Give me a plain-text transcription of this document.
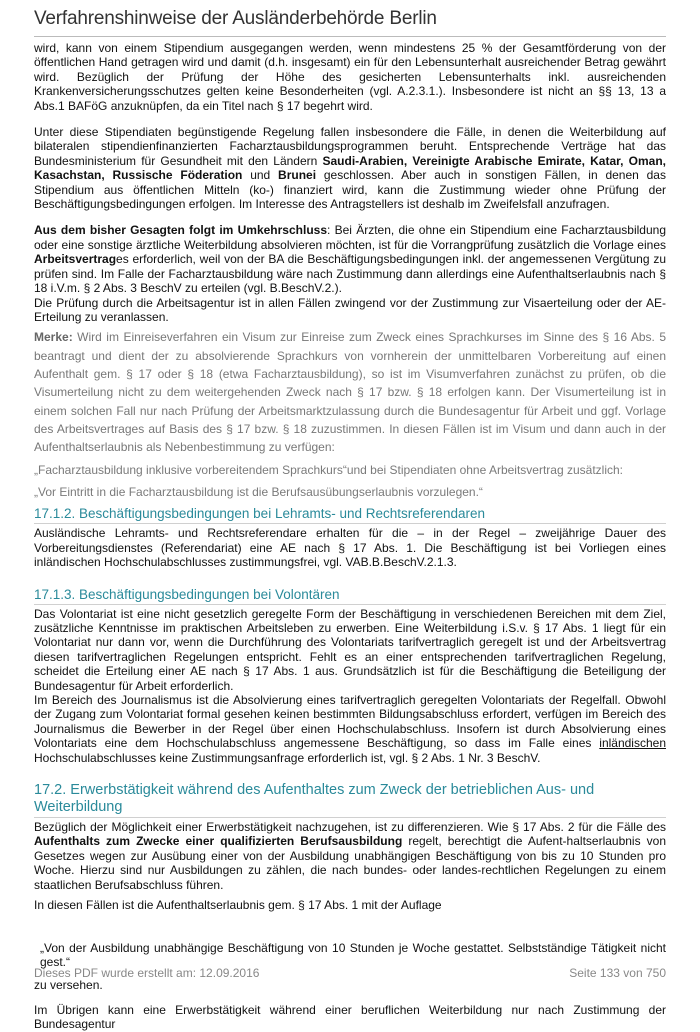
Verfahrenshinweise der Ausländerbehörde Berlin

wird, kann von einem Stipendium ausgegangen werden, wenn mindestens 25 % der Gesamtförderung von der öffentlichen Hand getragen wird und damit (d.h. insgesamt) ein für den Lebensunterhalt ausreichender Betrag gewährt wird. Bezüglich der Prüfung der Höhe des gesicherten Lebensunterhalts inkl. ausreichenden Krankenversicherungsschutzes gelten keine Besonderheiten (vgl. A.2.3.1.). Insbesondere ist nicht an §§ 13, 13 a Abs.1 BAFöG anzuknüpfen, da ein Titel nach § 17 begehrt wird.

Unter diese Stipendiaten begünstigende Regelung fallen insbesondere die Fälle, in denen die Weiterbildung auf bilateralen stipendienfinanzierten Facharztausbildungsprogrammen beruht. Entsprechende Verträge hat das Bundesministerium für Gesundheit mit den Ländern Saudi-Arabien, Vereinigte Arabische Emirate, Katar, Oman, Kasachstan, Russische Föderation und Brunei geschlossen. Aber auch in sonstigen Fällen, in denen das Stipendium aus öffentlichen Mitteln (ko-) finanziert wird, kann die Zustimmung wieder ohne Prüfung der Beschäftigungsbedingungen erfolgen. Im Interesse des Antragstellers ist deshalb im Zweifelsfall anzufragen.

Aus dem bisher Gesagten folgt im Umkehrschluss: Bei Ärzten, die ohne ein Stipendium eine Facharztausbildung oder eine sonstige ärztliche Weiterbildung absolvieren möchten, ist für die Vorrangprüfung zusätzlich die Vorlage eines Arbeitsvertrages erforderlich, weil von der BA die Beschäftigungsbedingungen inkl. der angemessenen Vergütung zu prüfen sind. Im Falle der Facharztausbildung wäre nach Zustimmung dann allerdings eine Aufenthaltserlaubnis nach § 18 i.V.m. § 2 Abs. 3 BeschV zu erteilen (vgl. B.BeschV.2.).

Die Prüfung durch die Arbeitsagentur ist in allen Fällen zwingend vor der Zustimmung zur Visaerteilung oder der AE-Erteilung zu veranlassen.

Merke: Wird im Einreiseverfahren ein Visum zur Einreise zum Zweck eines Sprachkurses im Sinne des § 16 Abs. 5 beantragt und dient der zu absolvierende Sprachkurs von vornherein der unmittelbaren Vorbereitung auf einen Aufenthalt gem. § 17 oder § 18 (etwa Facharztausbildung), so ist im Visumverfahren zunächst zu prüfen, ob die Visumerteilung nicht zu dem weitergehenden Zweck nach § 17 bzw. § 18 erfolgen kann. Der Visumerteilung ist in einem solchen Fall nur nach Prüfung der Arbeitsmarktzulassung durch die Bundesagentur für Arbeit und ggf. Vorlage des Arbeitsvertrages auf Basis des § 17 bzw. § 18 zuzustimmen. In diesen Fällen ist im Visum und dann auch in der Aufenthaltserlaubnis als Nebenbestimmung zu verfügen:

„Facharztausbildung inklusive vorbereitendem Sprachkurs“und bei Stipendiaten ohne Arbeitsvertrag zusätzlich:

„Vor Eintritt in die Facharztausbildung ist die Berufsausübungserlaubnis vorzulegen.“

17.1.2. Beschäftigungsbedingungen bei Lehramts- und Rechtsreferendaren

Ausländische Lehramts- und Rechtsreferendare erhalten für die – in der Regel – zweijährige Dauer des Vorbereitungsdienstes (Referendariat) eine AE nach § 17 Abs. 1. Die Beschäftigung ist bei Vorliegen eines inländischen Hochschulabschlusses zustimmungsfrei, vgl. VAB.B.BeschV.2.1.3.

17.1.3. Beschäftigungsbedingungen bei Volontären

Das Volontariat ist eine nicht gesetzlich geregelte Form der Beschäftigung in verschiedenen Bereichen mit dem Ziel, zusätzliche Kenntnisse im praktischen Arbeitsleben zu erwerben. Eine Weiterbildung i.S.v. § 17 Abs. 1 liegt für ein Volontariat nur dann vor, wenn die Durchführung des Volontariats tarifvertraglich geregelt ist und der Arbeitsvertrag diesen tarifvertraglichen Regelungen entspricht. Fehlt es an einer entsprechenden tarifvertraglichen Regelung, scheidet die Erteilung einer AE nach § 17 Abs. 1 aus. Grundsätzlich ist für die Beschäftigung die Beteiligung der Bundesagentur für Arbeit erforderlich.

Im Bereich des Journalismus ist die Absolvierung eines tarifvertraglich geregelten Volontariats der Regelfall. Obwohl der Zugang zum Volontariat formal gesehen keinen bestimmten Bildungsabschluss erfordert, verfügen im Bereich des Journalismus die Bewerber in der Regel über einen Hochschulabschluss. Insofern ist durch Absolvierung eines Volontariats eine dem Hochschulabschluss angemessene Beschäftigung, so dass im Falle eines inländischen Hochschulabschlusses keine Zustimmungsanfrage erforderlich ist, vgl. § 2 Abs. 1 Nr. 3 BeschV.

17.2. Erwerbstätigkeit während des Aufenthaltes zum Zweck der betrieblichen Aus- und Weiterbildung

Bezüglich der Möglichkeit einer Erwerbstätigkeit nachzugehen, ist zu differenzieren. Wie § 17 Abs. 2 für die Fälle des Aufenthalts zum Zwecke einer qualifizierten Berufsausbildung regelt, berechtigt die Aufent-haltserlaubnis von Gesetzes wegen zur Ausübung einer von der Ausbildung unabhängigen Beschäftigung von bis zu 10 Stunden pro Woche. Hierzu sind nur Ausbildungen zu zählen, die nach bundes- oder landes-rechtlichen Regelungen zu einem staatlichen Berufsabschluss führen.

In diesen Fällen ist die Aufenthaltserlaubnis gem. § 17 Abs. 1 mit der Auflage

„Von der Ausbildung unabhängige Beschäftigung von 10 Stunden je Woche gestattet. Selbstständige Tätigkeit nicht gest.“

zu versehen.

Im Übrigen kann eine Erwerbstätigkeit während einer beruflichen Weiterbildung nur nach Zustimmung der Bundesagentur

Dieses PDF wurde erstellt am: 12.09.2016	Seite 133 von 750
